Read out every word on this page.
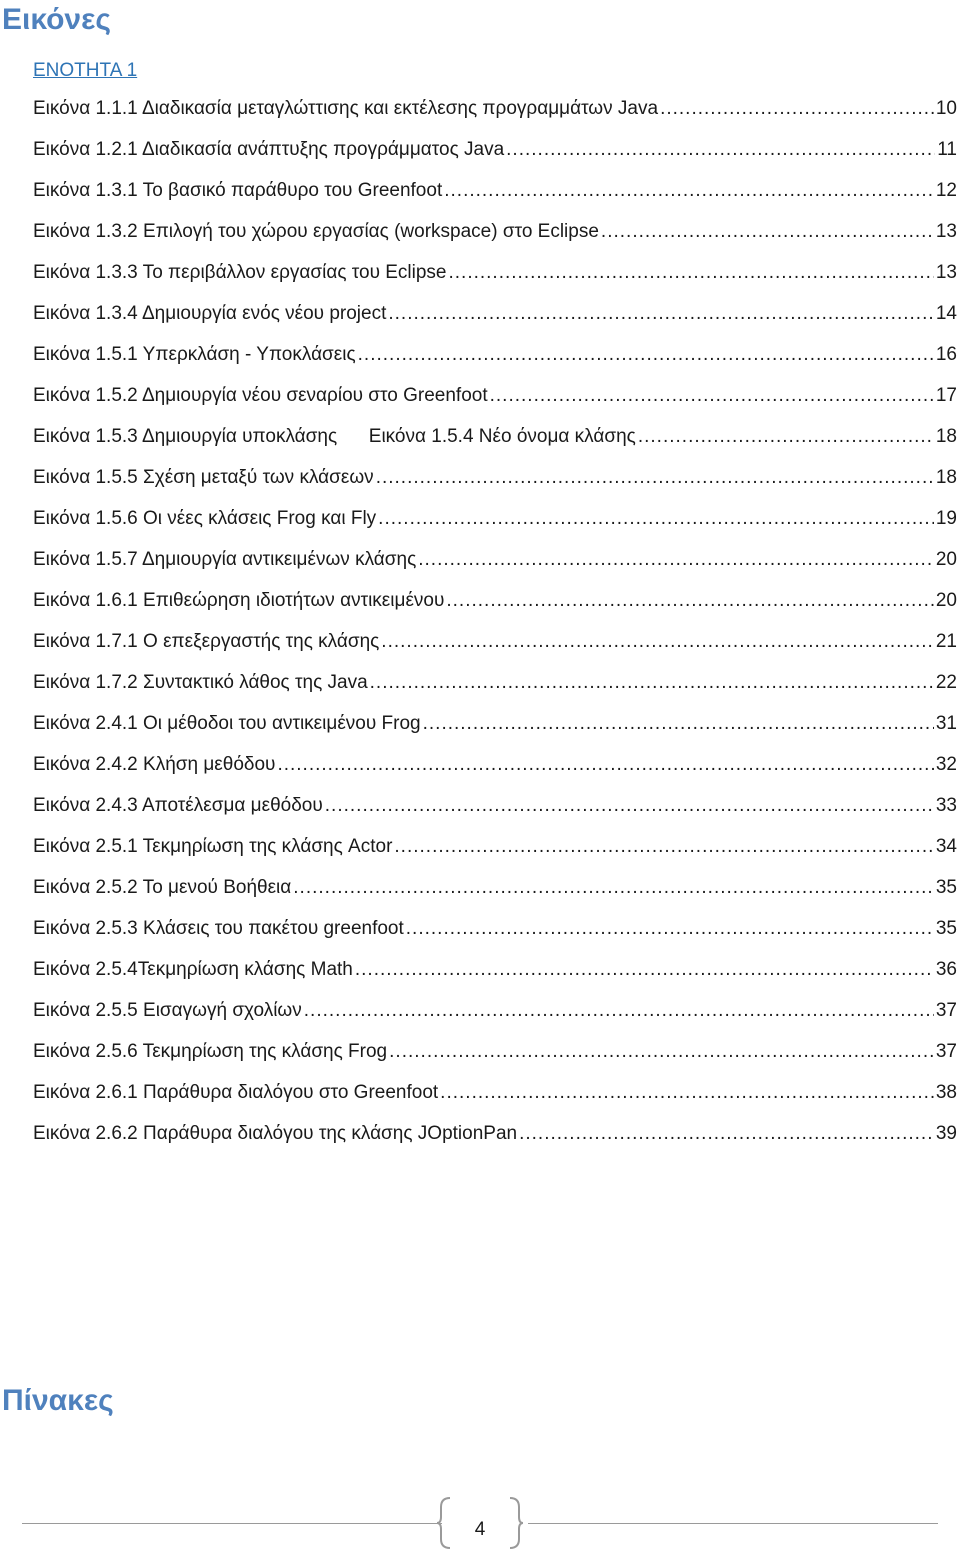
Εικόνες
ΕΝΟΤΗΤΑ 1
Εικόνα 1.1.1 Διαδικασία μεταγλώττισης και εκτέλεσης προγραμμάτων Java .....	10
Εικόνα 1.2.1 Διαδικασία ανάπτυξης προγράμματος Java .....	11
Εικόνα 1.3.1 Το βασικό παράθυρο του Greenfoot .....	12
Εικόνα 1.3.2 Επιλογή του χώρου εργασίας (workspace) στο Eclipse .....	13
Εικόνα 1.3.3 Το περιβάλλον εργασίας του Eclipse .....	13
Εικόνα 1.3.4 Δημιουργία ενός νέου project .....	14
Εικόνα 1.5.1 Υπερκλάση - Υποκλάσεις .....	16
Εικόνα 1.5.2 Δημιουργία νέου σεναρίου στο Greenfoot .....	17
Εικόνα 1.5.3 Δημιουργία υποκλάσης      Εικόνα 1.5.4 Νέο όνομα κλάσης .....	18
Εικόνα 1.5.5 Σχέση μεταξύ των κλάσεων .....	18
Εικόνα 1.5.6 Οι νέες κλάσεις Frog και Fly .....	19
Εικόνα 1.5.7 Δημιουργία αντικειμένων κλάσης .....	20
Εικόνα 1.6.1 Επιθεώρηση ιδιοτήτων αντικειμένου .....	20
Εικόνα 1.7.1 Ο επεξεργαστής της κλάσης .....	21
Εικόνα 1.7.2 Συντακτικό λάθος της Java .....	22
Εικόνα 2.4.1 Οι μέθοδοι του αντικειμένου Frog .....	31
Εικόνα 2.4.2 Κλήση μεθόδου .....	32
Εικόνα 2.4.3 Αποτέλεσμα μεθόδου .....	33
Εικόνα 2.5.1 Τεκμηρίωση της κλάσης Actor .....	34
Εικόνα 2.5.2 Το μενού Βοήθεια .....	35
Εικόνα 2.5.3 Κλάσεις του πακέτου greenfoot .....	35
Εικόνα 2.5.4Τεκμηρίωση κλάσης Math .....	36
Εικόνα 2.5.5 Εισαγωγή σχολίων .....	37
Εικόνα 2.5.6 Τεκμηρίωση της κλάσης Frog .....	37
Εικόνα 2.6.1 Παράθυρα διαλόγου στο Greenfoot .....	38
Εικόνα 2.6.2 Παράθυρα διαλόγου της κλάσης JOptionPan .....	39
Πίνακες
4
